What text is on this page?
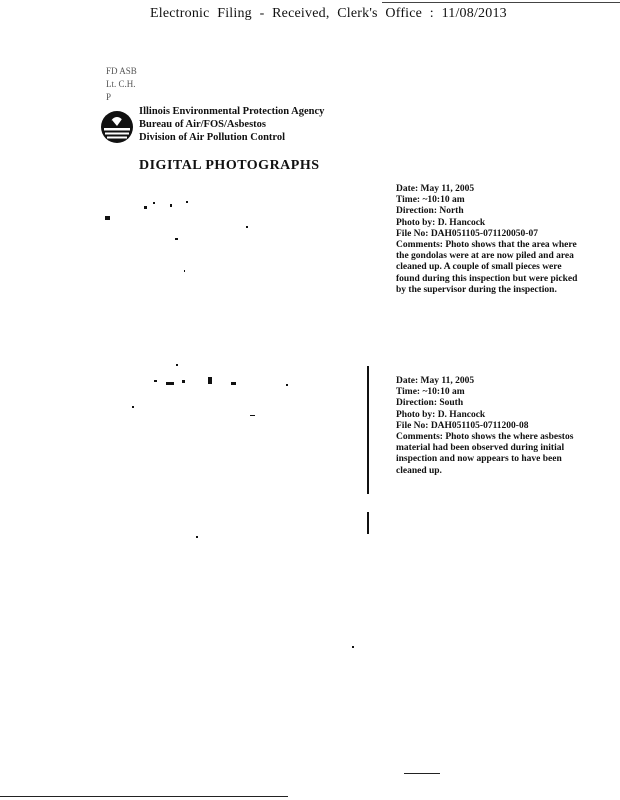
Electronic Filing - Received, Clerk's Office : 11/08/2013
FD ASB
Lt. C.H.
P
Illinois Environmental Protection Agency
Bureau of Air/FOS/Asbestos
Division of Air Pollution Control
DIGITAL PHOTOGRAPHS
Date: May 11, 2005
Time: ~10:10 am
Direction: North
Photo by: D. Hancock
File No: DAH051105-071120050-07
Comments: Photo shows that the area where
the gondolas were at are now piled and area
cleaned up. A couple of small pieces were
found during this inspection but were picked
by the supervisor during the inspection.
Date: May 11, 2005
Time: ~10:10 am
Direction: South
Photo by: D. Hancock
File No: DAH051105-0711200-08
Comments: Photo shows the where asbestos
material had been observed during initial
inspection and now appears to have been
cleaned up.
